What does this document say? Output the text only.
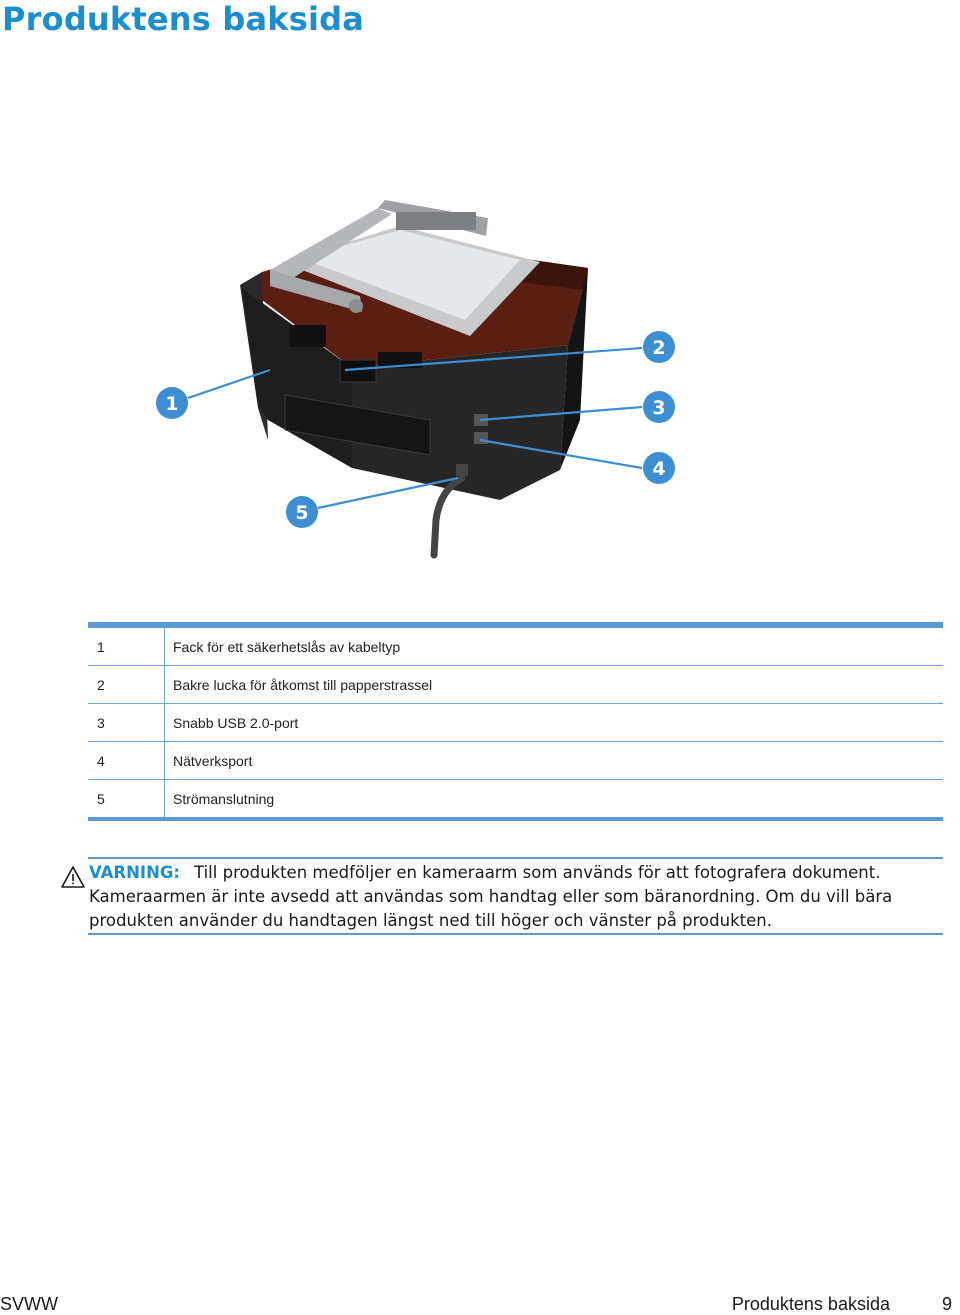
Produktens baksida
1
2
3
4
5
1	Fack för ett säkerhetslås av kabeltyp
2	Bakre lucka för åtkomst till papperstrassel
3	Snabb USB 2.0-port
4	Nätverksport
5	Strömanslutning
VARNING: Till produkten medföljer en kameraarm som används för att fotografera dokument. Kameraarmen är inte avsedd att användas som handtag eller som bäranordning. Om du vill bära produkten använder du handtagen längst ned till höger och vänster på produkten.
SVWW	Produktens baksida	9
